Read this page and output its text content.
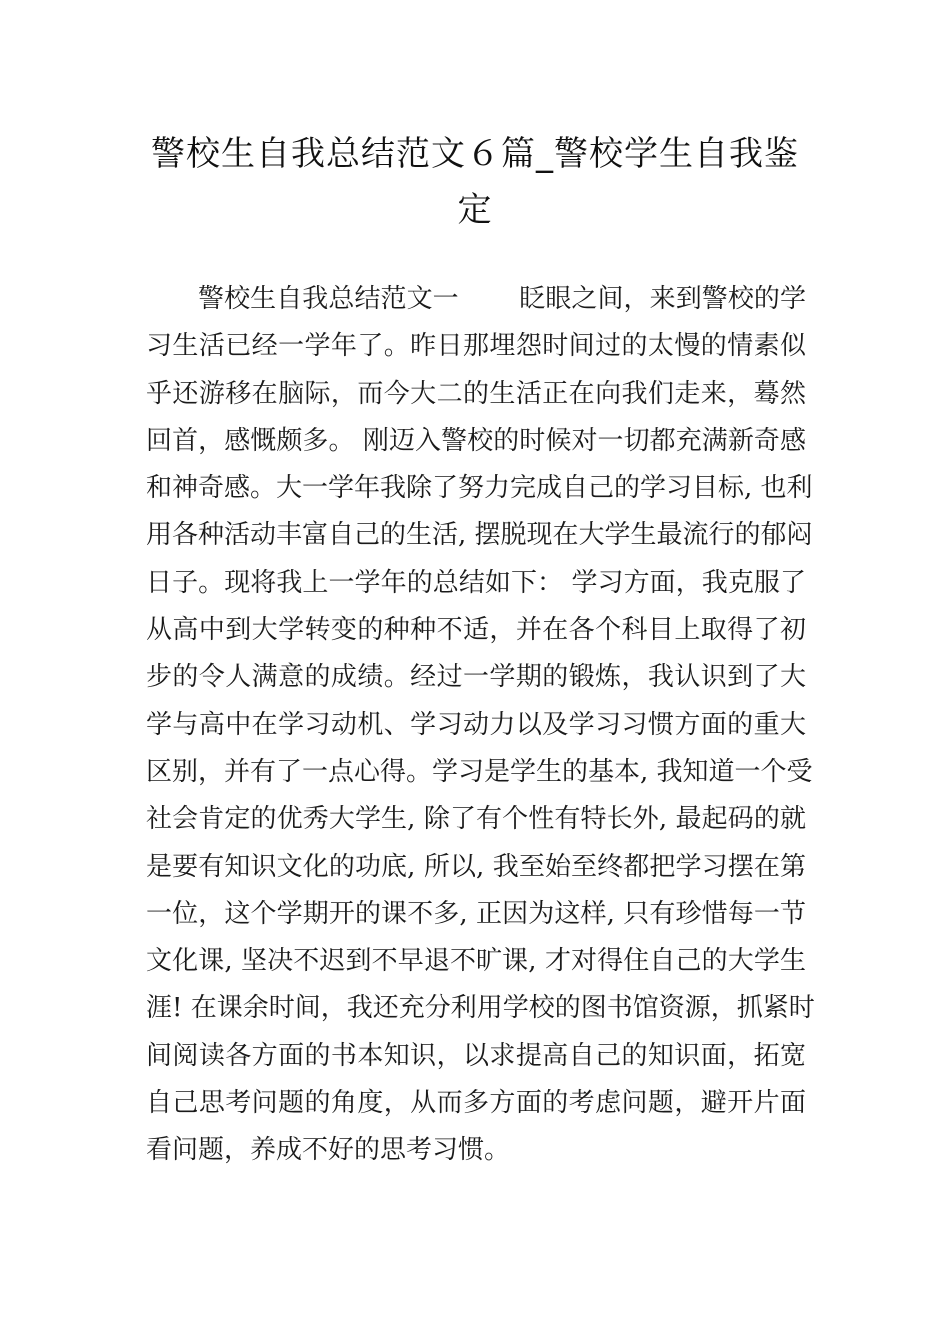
警校生自我总结范文６篇_警校学生自我鉴
定
警校生自我总结范文一　　 眨眼之间，来到警校的学
习生活已经一学年了。昨日那埋怨时间过的太慢的情素似
乎还游移在脑际，而今大二的生活正在向我们走来，蓦然
回首，感慨颇多。 刚迈入警校的时候对一切都充满新奇感
和神奇感。大一学年我除了努力完成自己的学习目标, 也利
用各种活动丰富自己的生活, 摆脱现在大学生最流行的郁闷
日子。现将我上一学年的总结如下： 学习方面，我克服了
从高中到大学转变的种种不适，并在各个科目上取得了初
步的令人满意的成绩。经过一学期的锻炼，我认识到了大
学与高中在学习动机、学习动力以及学习习惯方面的重大
区别，并有了一点心得。学习是学生的基本, 我知道一个受
社会肯定的优秀大学生, 除了有个性有特长外, 最起码的就
是要有知识文化的功底, 所以, 我至始至终都把学习摆在第
一位，这个学期开的课不多, 正因为这样, 只有珍惜每一节
文化课, 坚决不迟到不早退不旷课, 才对得住自己的大学生
涯! 在课余时间，我还充分利用学校的图书馆资源，抓紧时
间阅读各方面的书本知识，以求提高自己的知识面，拓宽
自己思考问题的角度，从而多方面的考虑问题，避开片面
看问题，养成不好的思考习惯。
